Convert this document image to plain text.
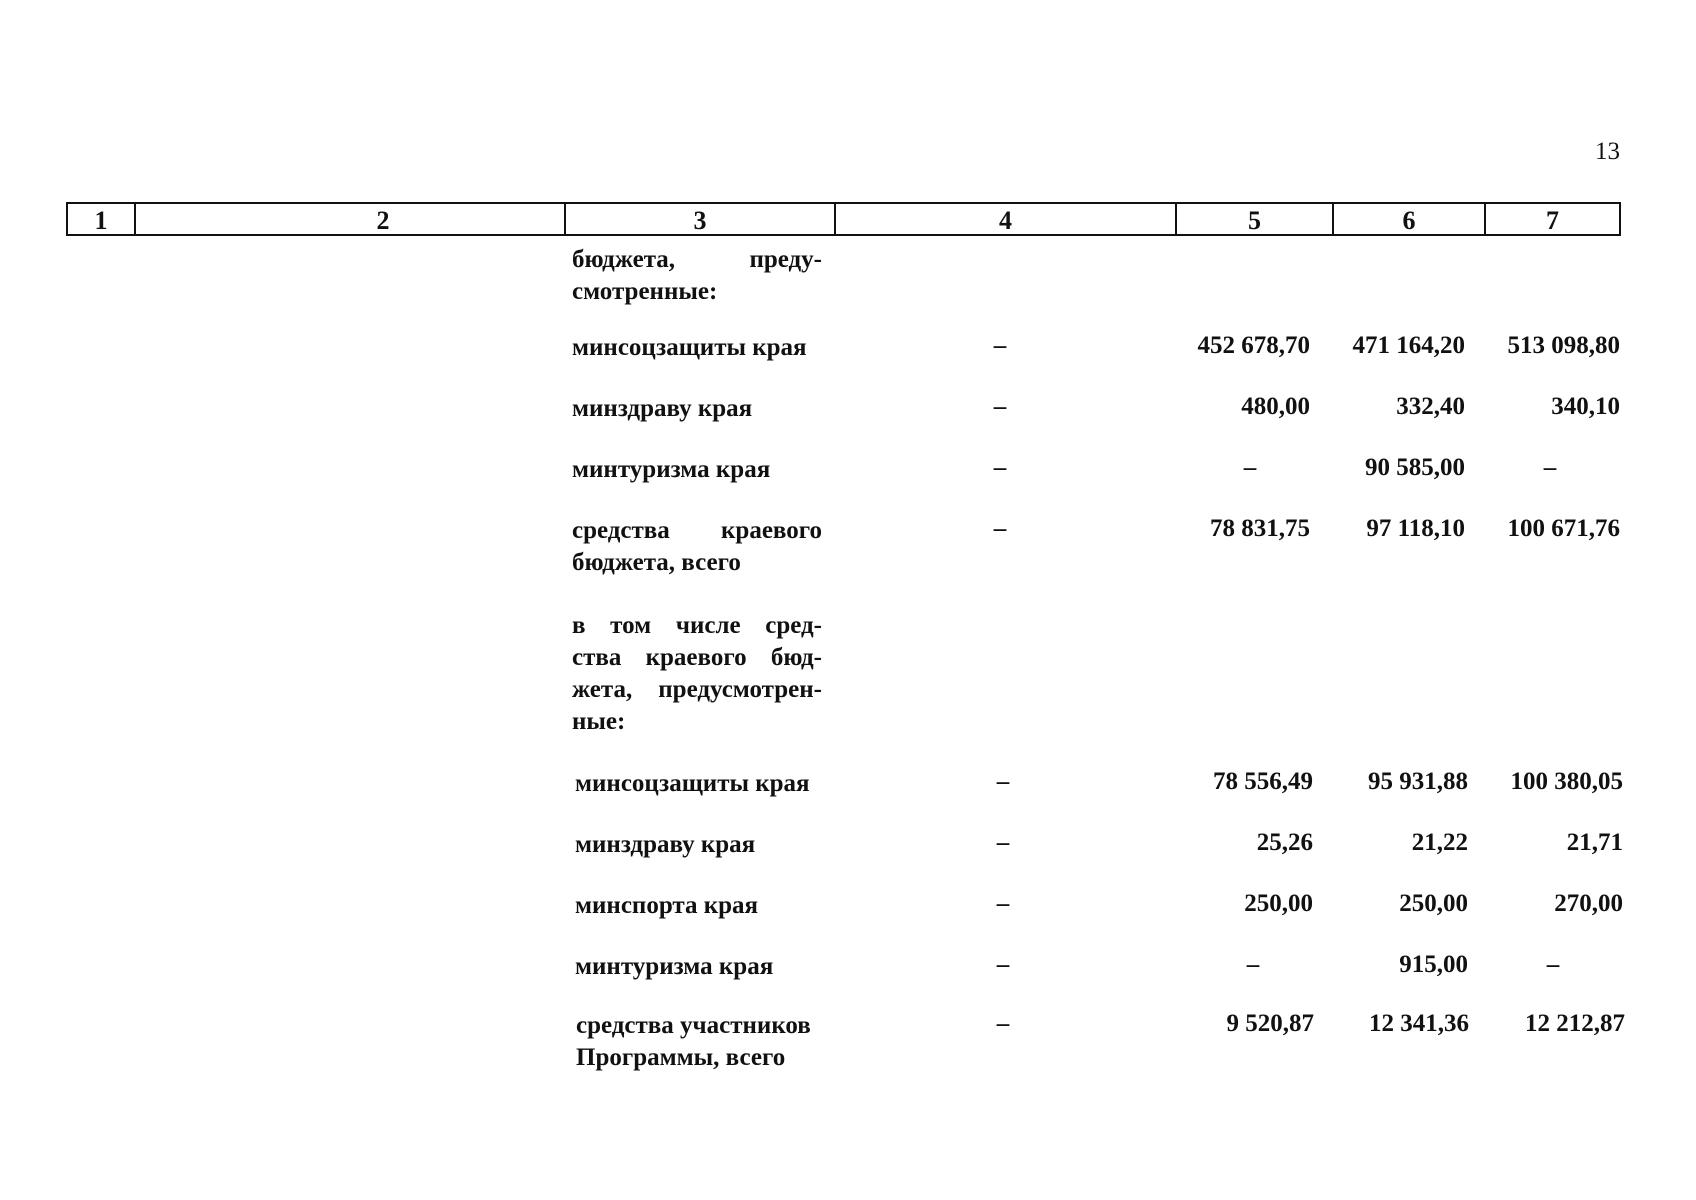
13
1	2	3	4	5	6	7
бюджета, преду-
смотренные:
минсоцзащиты края	–	452 678,70	471 164,20	513 098,80
минздраву края	–	480,00	332,40	340,10
минтуризма края	–	–	90 585,00	–
средства краевого
бюджета, всего
–	78 831,75	97 118,10	100 671,76
в том числе сред-
ства краевого бюд-
жета, предусмотрен-
ные:
минсоцзащиты края	–	78 556,49	95 931,88	100 380,05
минздраву края	–	25,26	21,22	21,71
минспорта края	–	250,00	250,00	270,00
минтуризма края	–	–	915,00	–
средства участников
Программы, всего
–	9 520,87	12 341,36	12 212,87
